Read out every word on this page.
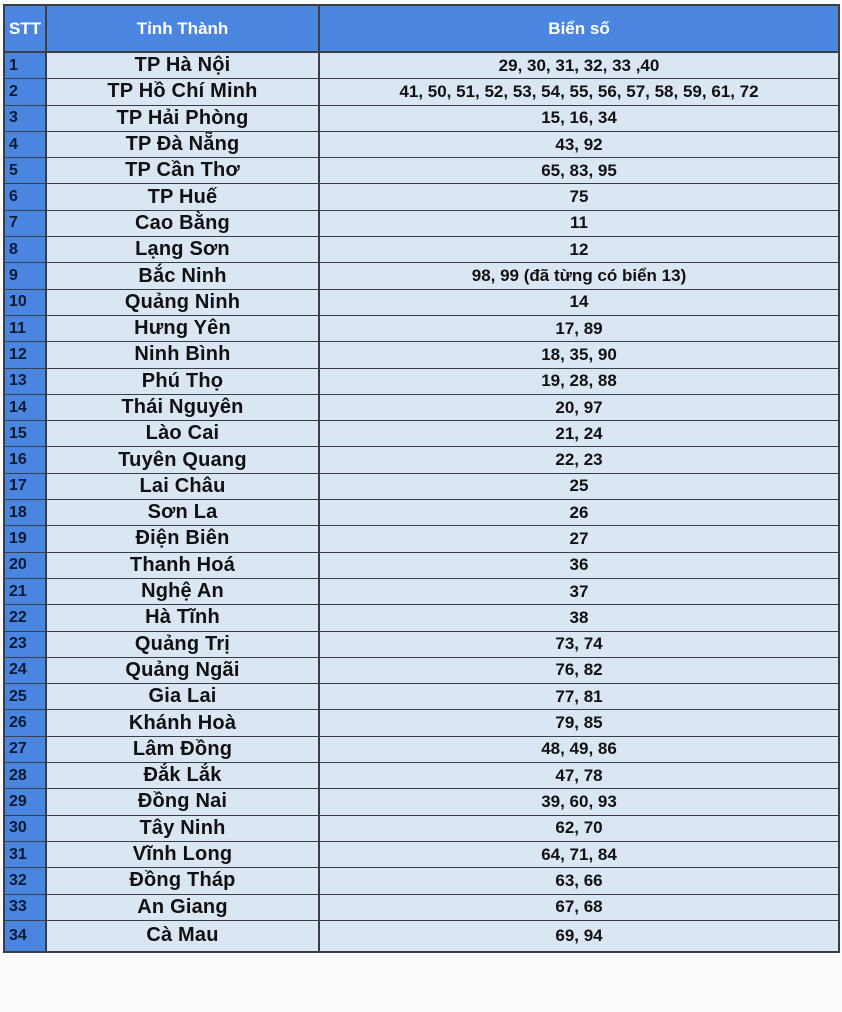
STT	Tỉnh Thành	Biển số
1	TP Hà Nội	29, 30, 31, 32, 33 ,40
2	TP Hồ Chí Minh	41, 50, 51, 52, 53, 54, 55, 56, 57, 58, 59, 61, 72
3	TP Hải Phòng	15, 16, 34
4	TP Đà Nẵng	43, 92
5	TP Cần Thơ	65, 83, 95
6	TP Huế	75
7	Cao Bằng	11
8	Lạng Sơn	12
9	Bắc Ninh	98, 99 (đã từng có biển 13)
10	Quảng Ninh	14
11	Hưng Yên	17, 89
12	Ninh Bình	18, 35, 90
13	Phú Thọ	19, 28, 88
14	Thái Nguyên	20, 97
15	Lào Cai	21, 24
16	Tuyên Quang	22, 23
17	Lai Châu	25
18	Sơn La	26
19	Điện Biên	27
20	Thanh Hoá	36
21	Nghệ An	37
22	Hà Tĩnh	38
23	Quảng Trị	73, 74
24	Quảng Ngãi	76, 82
25	Gia Lai	77, 81
26	Khánh Hoà	79, 85
27	Lâm Đồng	48, 49, 86
28	Đắk Lắk	47, 78
29	Đồng Nai	39, 60, 93
30	Tây Ninh	62, 70
31	Vĩnh Long	64, 71, 84
32	Đồng Tháp	63, 66
33	An Giang	67, 68
34	Cà Mau	69, 94
